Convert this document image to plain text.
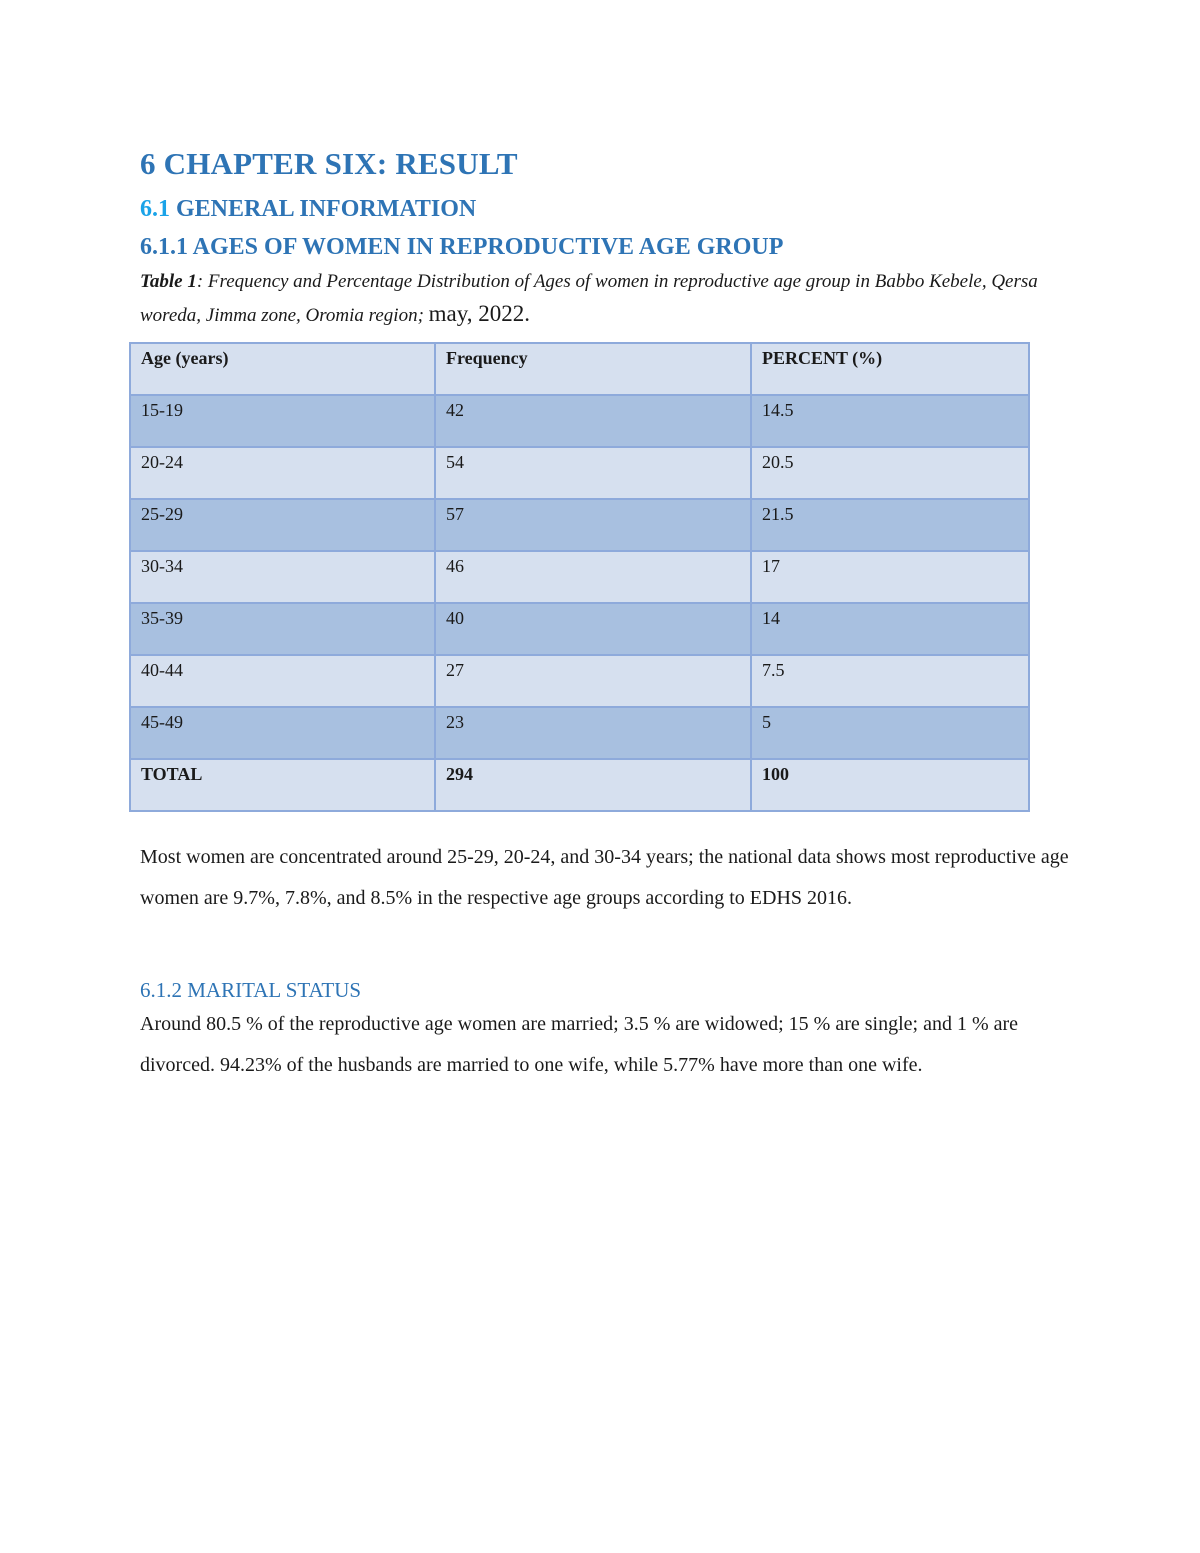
6 CHAPTER SIX: RESULT
6.1 GENERAL INFORMATION
6.1.1 AGES OF WOMEN IN REPRODUCTIVE AGE GROUP
Table 1: Frequency and Percentage Distribution of Ages of women in reproductive age group in Babbo Kebele, Qersa woreda, Jimma zone, Oromia region; may, 2022.
Age (years)	Frequency	PERCENT (%)
15-19	42	14.5
20-24	54	20.5
25-29	57	21.5
30-34	46	17
35-39	40	14
40-44	27	7.5
45-49	23	5
TOTAL	294	100

Most women are concentrated around 25-29, 20-24, and 30-34 years; the national data shows most reproductive age women are 9.7%, 7.8%, and 8.5% in the respective age groups according to EDHS 2016.

6.1.2 MARITAL STATUS

Around 80.5 % of the reproductive age women are married; 3.5 % are widowed; 15 % are single; and 1 % are divorced. 94.23% of the husbands are married to one wife, while 5.77% have more than one wife.
